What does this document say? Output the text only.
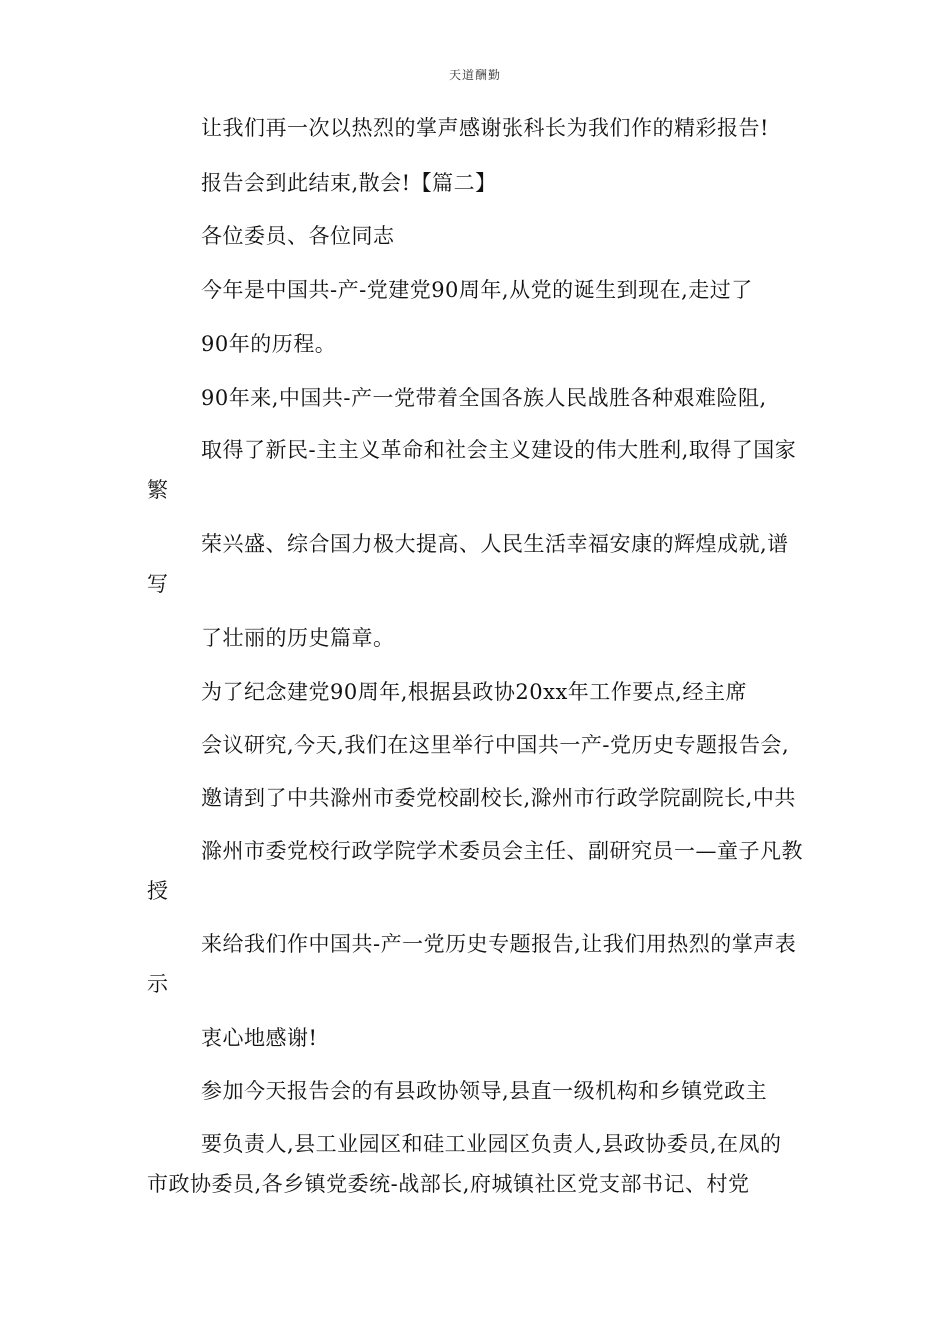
天道酬勤
让我们再一次以热烈的掌声感谢张科长为我们作的精彩报告!
报告会到此结束,散会!【篇二】
各位委员、各位同志
今年是中国共-产-党建党90周年,从党的诞生到现在,走过了
90年的历程。
90年来,中国共-产一党带着全国各族人民战胜各种艰难险阻,
取得了新民-主主义革命和社会主义建设的伟大胜利,取得了国家
繁
荣兴盛、综合国力极大提高、人民生活幸福安康的辉煌成就,谱
写
了壮丽的历史篇章。
为了纪念建党90周年,根据县政协20xx年工作要点,经主席
会议研究,今天,我们在这里举行中国共一产-党历史专题报告会,
邀请到了中共滁州市委党校副校长,滁州市行政学院副院长,中共
滁州市委党校行政学院学术委员会主任、副研究员一—童子凡教
授
来给我们作中国共-产一党历史专题报告,让我们用热烈的掌声表
示
衷心地感谢!
参加今天报告会的有县政协领导,县直一级机构和乡镇党政主
要负责人,县工业园区和硅工业园区负责人,县政协委员,在凤的
市政协委员,各乡镇党委统-战部长,府城镇社区党支部书记、村党
